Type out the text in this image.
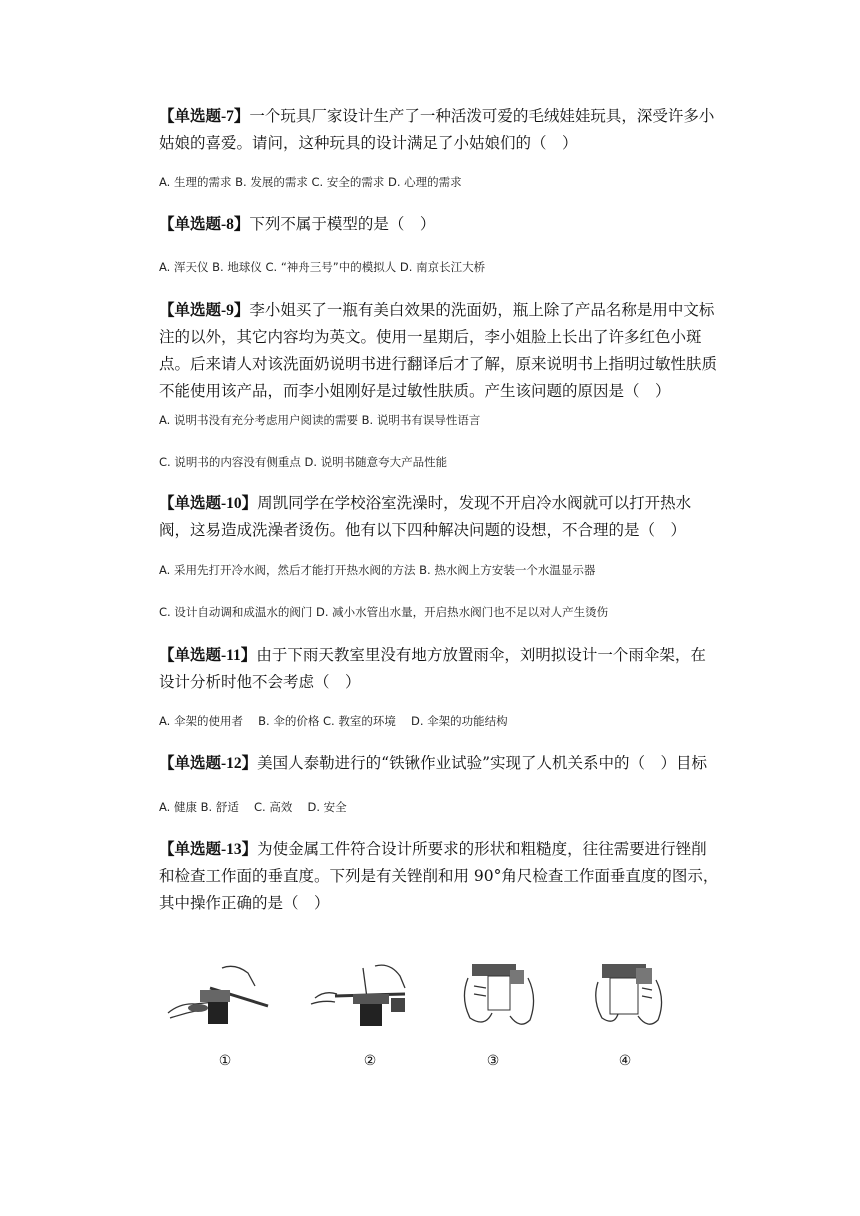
【单选题-7】一个玩具厂家设计生产了一种活泼可爱的毛绒娃娃玩具，深受许多小姑娘的喜爱。请问，这种玩具的设计满足了小姑娘们的（　）
A. 生理的需求 B. 发展的需求 C. 安全的需求 D. 心理的需求
【单选题-8】下列不属于模型的是（　）
A. 浑天仪 B. 地球仪 C. “神舟三号”中的模拟人 D. 南京长江大桥
【单选题-9】李小姐买了一瓶有美白效果的洗面奶，瓶上除了产品名称是用中文标注的以外，其它内容均为英文。使用一星期后，李小姐脸上长出了许多红色小斑点。后来请人对该洗面奶说明书进行翻译后才了解，原来说明书上指明过敏性肤质不能使用该产品，而李小姐刚好是过敏性肤质。产生该问题的原因是（　）
A. 说明书没有充分考虑用户阅读的需要 B. 说明书有误导性语言
C. 说明书的内容没有侧重点 D. 说明书随意夸大产品性能
【单选题-10】周凯同学在学校浴室洗澡时，发现不开启冷水阀就可以打开热水阀，这易造成洗澡者烫伤。他有以下四种解决问题的设想，不合理的是（　）
A. 采用先打开冷水阀，然后才能打开热水阀的方法 B. 热水阀上方安装一个水温显示器
C. 设计自动调和成温水的阀门 D. 减小水管出水量，开启热水阀门也不足以对人产生烫伤
【单选题-11】由于下雨天教室里没有地方放置雨伞，刘明拟设计一个雨伞架，在设计分析时他不会考虑（　）
A. 伞架的使用者　 B. 伞的价格 C. 教室的环境　 D. 伞架的功能结构
【单选题-12】美国人泰勒进行的“铁锹作业试验”实现了人机关系中的（　）目标
A. 健康 B. 舒适　 C. 高效　 D. 安全
【单选题-13】为使金属工件符合设计所要求的形状和粗糙度，往往需要进行锉削和检查工作面的垂直度。下列是有关锉削和用 90°角尺检查工作面垂直度的图示，其中操作正确的是（　）
①	②	③	④
